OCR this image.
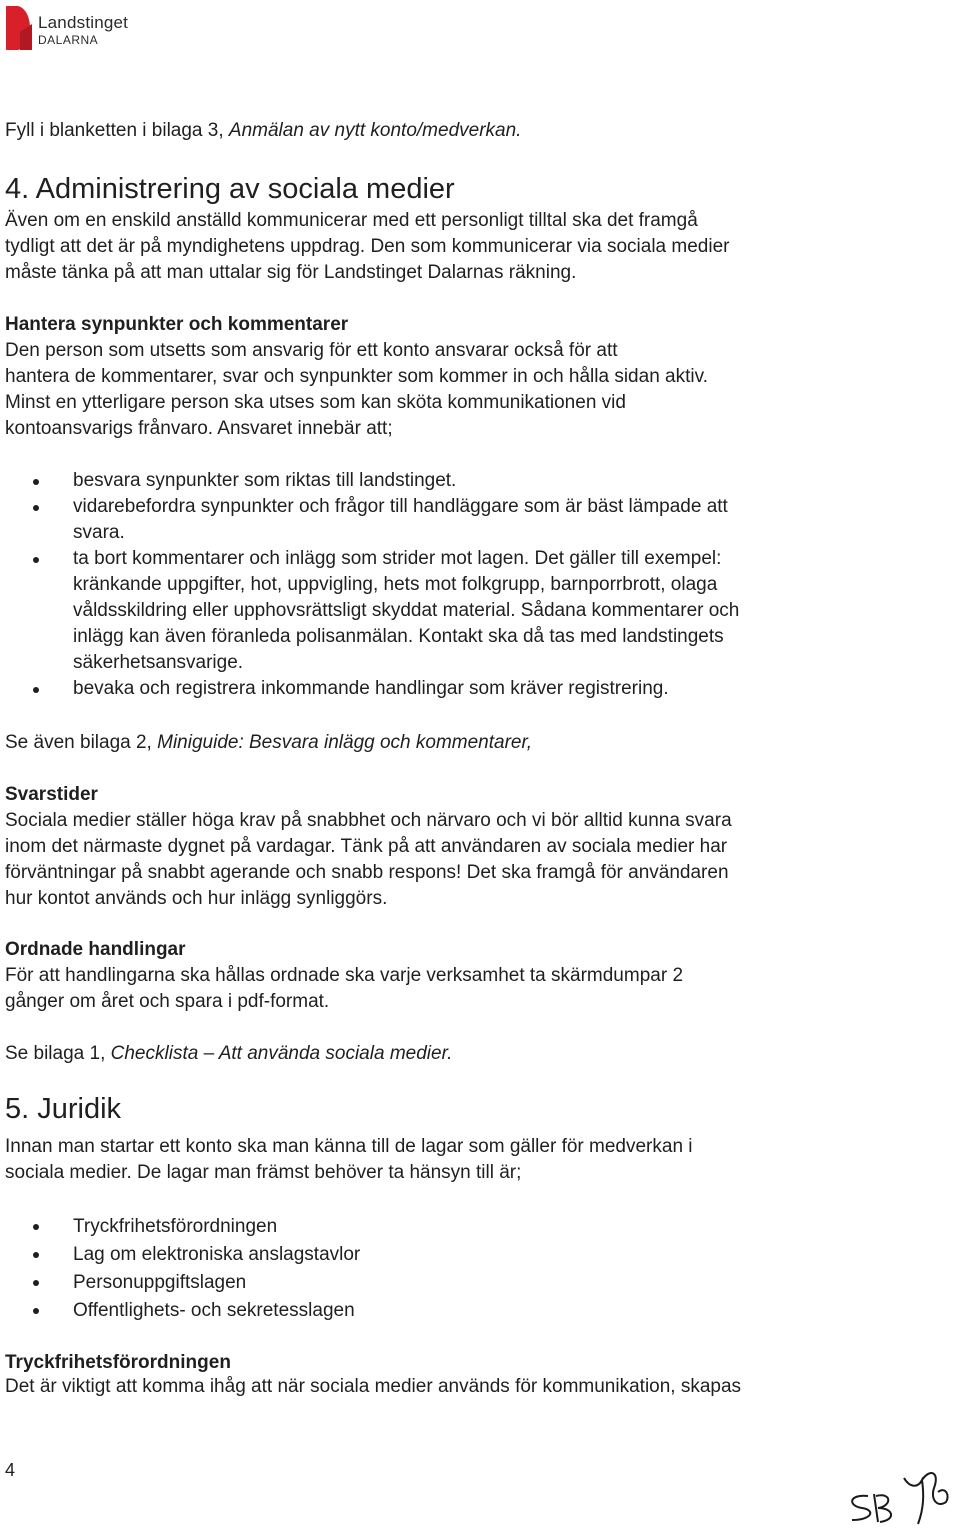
Landstinget
DALARNA

Fyll i blanketten i bilaga 3, Anmälan av nytt konto/medverkan.

4. Administrering av sociala medier

Även om en enskild anställd kommunicerar med ett personligt tilltal ska det framgå
tydligt att det är på myndighetens uppdrag. Den som kommunicerar via sociala medier
måste tänka på att man uttalar sig för Landstinget Dalarnas räkning.

Hantera synpunkter och kommentarer

Den person som utsetts som ansvarig för ett konto ansvarar också för att
hantera de kommentarer, svar och synpunkter som kommer in och hålla sidan aktiv.
Minst en ytterligare person ska utses som kan sköta kommunikationen vid
kontoansvarigs frånvaro. Ansvaret innebär att;

besvara synpunkter som riktas till landstinget.
vidarebefordra synpunkter och frågor till handläggare som är bäst lämpade att
svara.
ta bort kommentarer och inlägg som strider mot lagen. Det gäller till exempel:
kränkande uppgifter, hot, uppvigling, hets mot folkgrupp, barnporrbrott, olaga
våldsskildring eller upphovsrättsligt skyddat material. Sådana kommentarer och
inlägg kan även föranleda polisanmälan. Kontakt ska då tas med landstingets
säkerhetsansvarige.
bevaka och registrera inkommande handlingar som kräver registrering.

Se även bilaga 2, Miniguide: Besvara inlägg och kommentarer,

Svarstider

Sociala medier ställer höga krav på snabbhet och närvaro och vi bör alltid kunna svara
inom det närmaste dygnet på vardagar. Tänk på att användaren av sociala medier har
förväntningar på snabbt agerande och snabb respons! Det ska framgå för användaren
hur kontot används och hur inlägg synliggörs.

Ordnade handlingar

För att handlingarna ska hållas ordnade ska varje verksamhet ta skärmdumpar 2
gånger om året och spara i pdf-format.

Se bilaga 1, Checklista – Att använda sociala medier.

5. Juridik

Innan man startar ett konto ska man känna till de lagar som gäller för medverkan i
sociala medier. De lagar man främst behöver ta hänsyn till är;

Tryckfrihetsförordningen
Lag om elektroniska anslagstavlor
Personuppgiftslagen
Offentlighets- och sekretesslagen
Tryckfrihetsförordningen

Det är viktigt att komma ihåg att när sociala medier används för kommunikation, skapas

4
